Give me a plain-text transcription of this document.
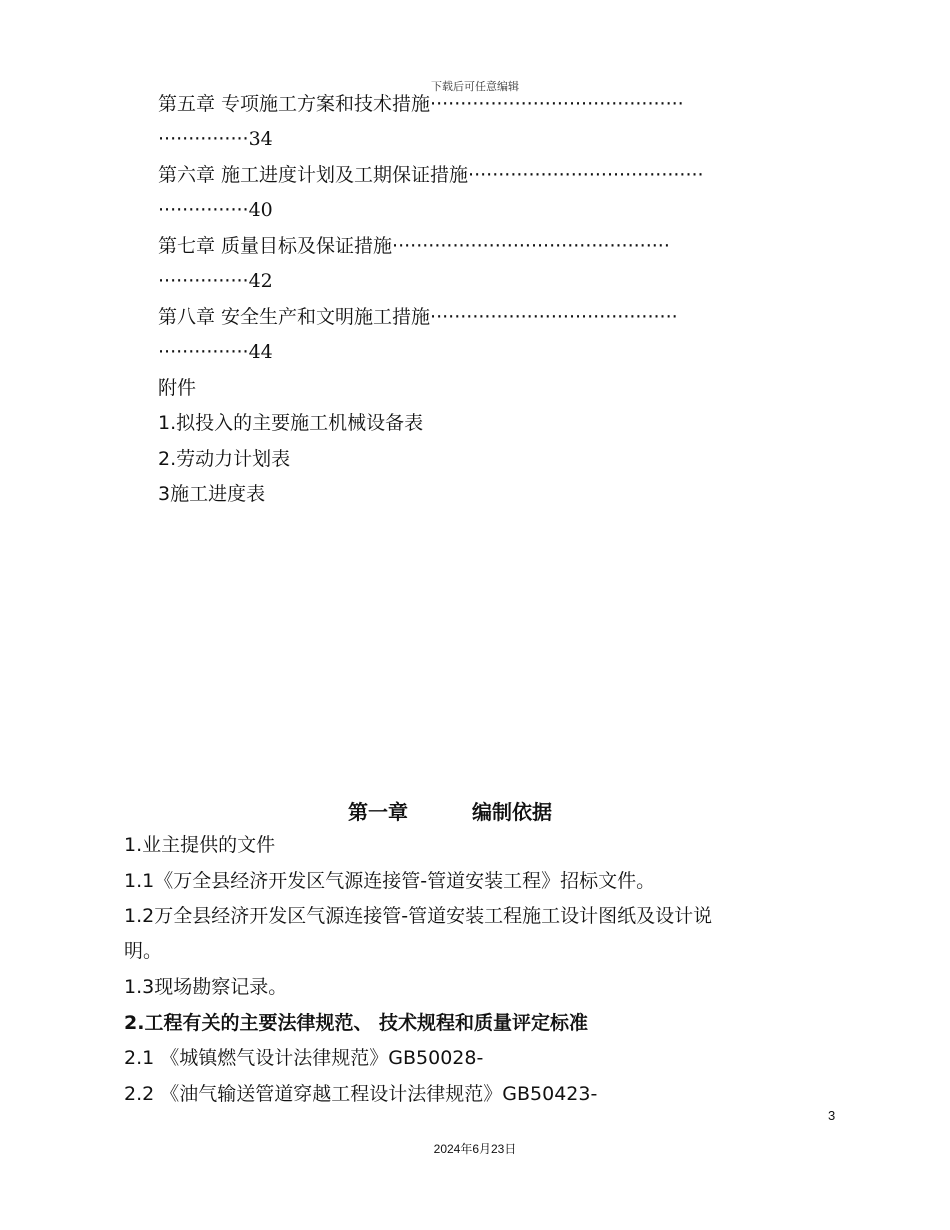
下载后可任意编辑
第五章 专项施工方案和技术措施··········································
···············34
第六章 施工进度计划及工期保证措施·······································
···············40
第七章 质量目标及保证措施··············································
···············42
第八章 安全生产和文明施工措施·········································
···············44
附件
1.拟投入的主要施工机械设备表
2.劳动力计划表
3施工进度表
第一章	编制依据
1.业主提供的文件
1.1《万全县经济开发区气源连接管-管道安装工程》招标文件。
1.2万全县经济开发区气源连接管-管道安装工程施工设计图纸及设计说
明。
1.3现场勘察记录。
2.工程有关的主要法律规范、 技术规程和质量评定标准
2.1 《城镇燃气设计法律规范》GB50028-
2.2 《油气输送管道穿越工程设计法律规范》GB50423-
3
2024年6月23日
